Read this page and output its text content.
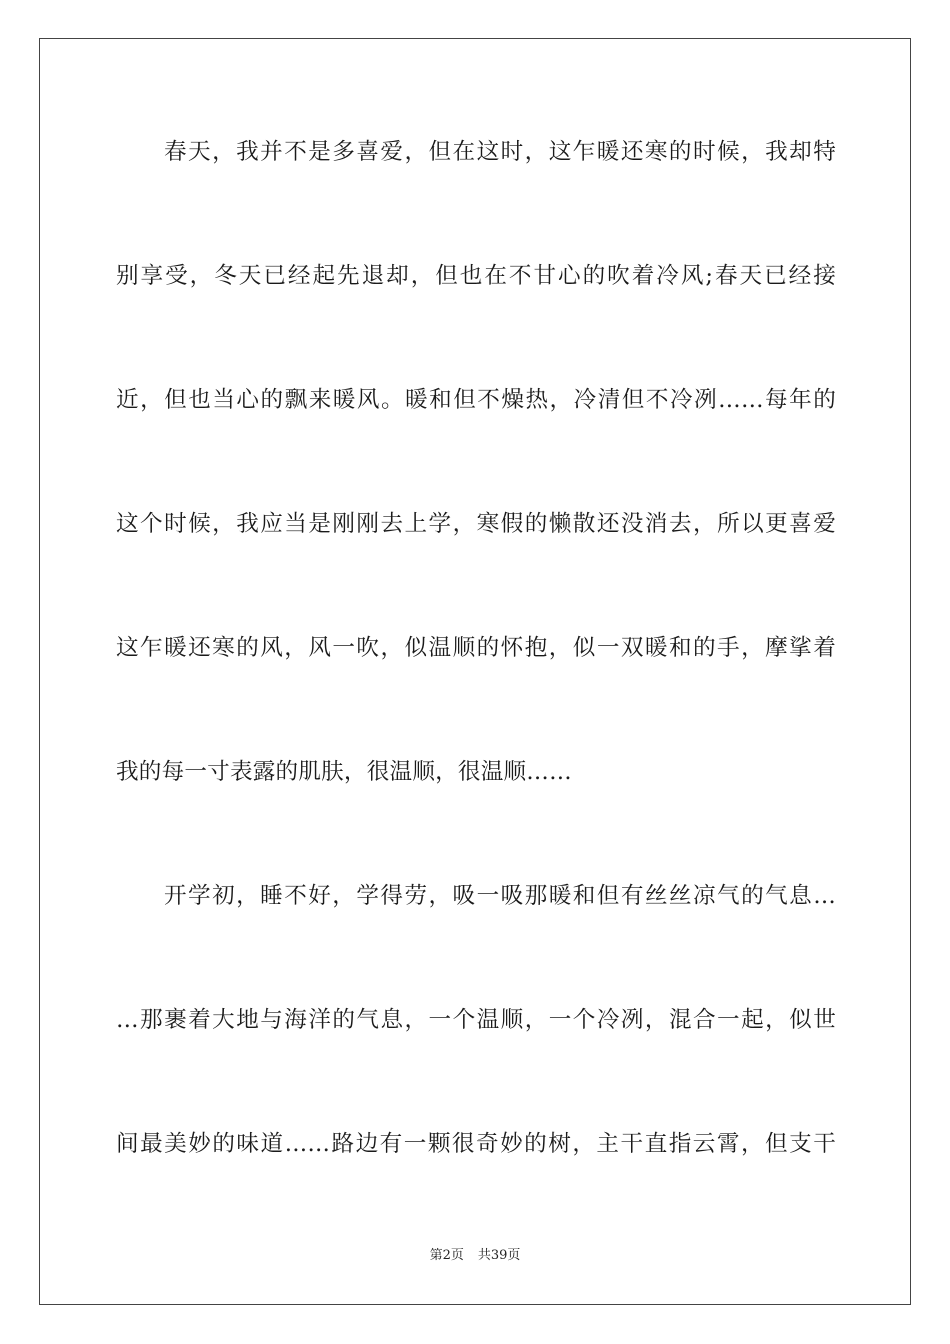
春天，我并不是多喜爱，但在这时，这乍暖还寒的时候，我却特
别享受，冬天已经起先退却，但也在不甘心的吹着冷风;春天已经接
近，但也当心的飘来暖风。暖和但不燥热，冷清但不冷冽……每年的
这个时候，我应当是刚刚去上学，寒假的懒散还没消去，所以更喜爱
这乍暖还寒的风，风一吹，似温顺的怀抱，似一双暖和的手，摩挲着
我的每一寸表露的肌肤，很温顺，很温顺……
开学初，睡不好，学得劳，吸一吸那暖和但有丝丝凉气的气息…
…那裹着大地与海洋的气息，一个温顺，一个冷冽，混合一起，似世
间最美妙的味道……路边有一颗很奇妙的树，主干直指云霄，但支干
第2页 共39页
